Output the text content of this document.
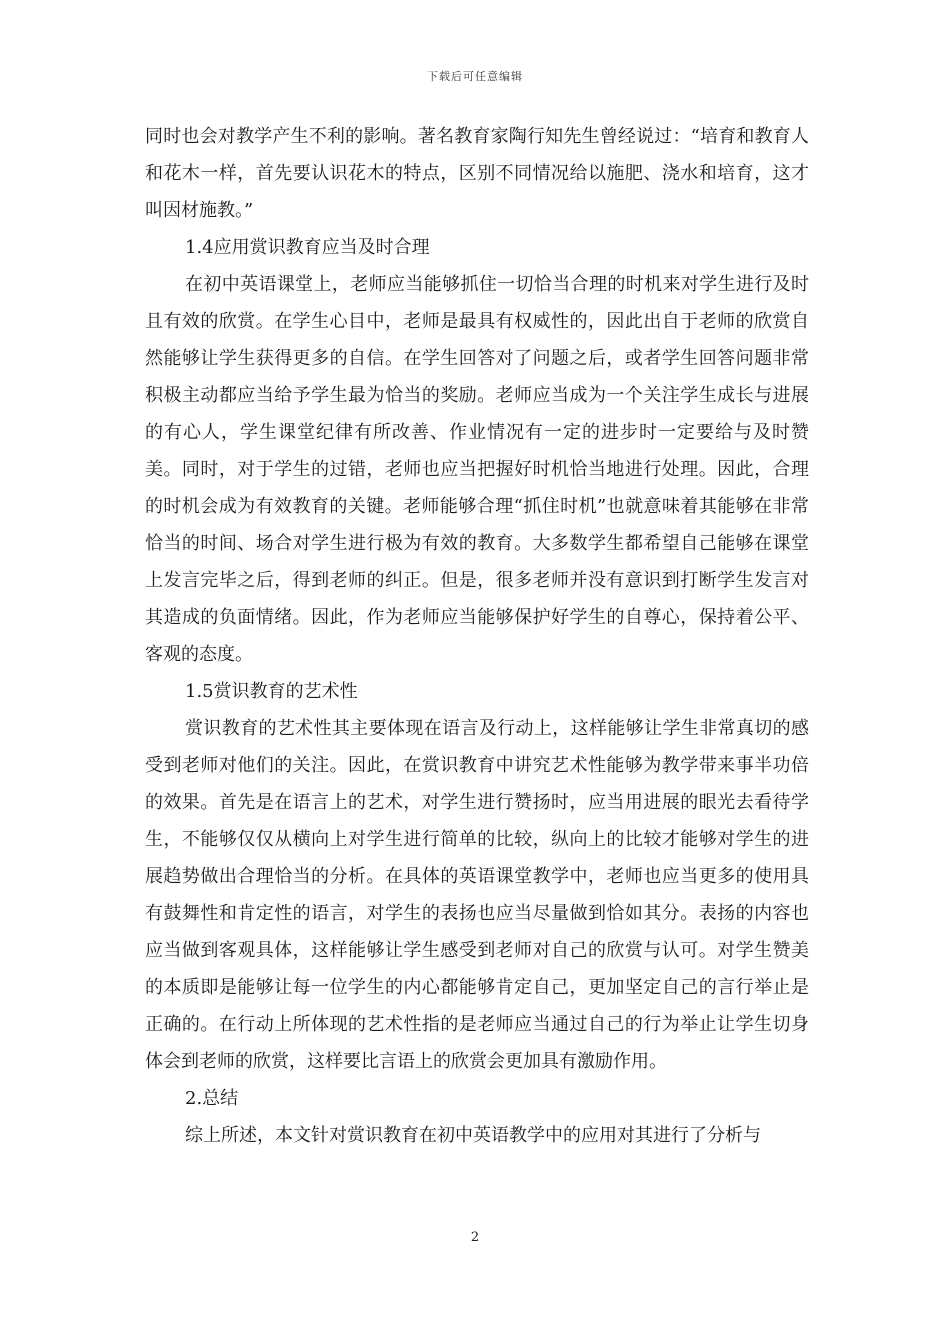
下载后可任意编辑

同时也会对教学产生不利的影响。著名教育家陶行知先生曾经说过：“培育和教育人和花木一样，首先要认识花木的特点，区别不同情况给以施肥、浇水和培育，这才叫因材施教。”

1.4应用赏识教育应当及时合理

在初中英语课堂上，老师应当能够抓住一切恰当合理的时机来对学生进行及时且有效的欣赏。在学生心目中，老师是最具有权威性的，因此出自于老师的欣赏自然能够让学生获得更多的自信。在学生回答对了问题之后，或者学生回答问题非常积极主动都应当给予学生最为恰当的奖励。老师应当成为一个关注学生成长与进展的有心人，学生课堂纪律有所改善、作业情况有一定的进步时一定要给与及时赞美。同时，对于学生的过错，老师也应当把握好时机恰当地进行处理。因此，合理的时机会成为有效教育的关键。老师能够合理“抓住时机”也就意味着其能够在非常恰当的时间、场合对学生进行极为有效的教育。大多数学生都希望自己能够在课堂上发言完毕之后，得到老师的纠正。但是，很多老师并没有意识到打断学生发言对其造成的负面情绪。因此，作为老师应当能够保护好学生的自尊心，保持着公平、客观的态度。

1.5赏识教育的艺术性

赏识教育的艺术性其主要体现在语言及行动上，这样能够让学生非常真切的感受到老师对他们的关注。因此，在赏识教育中讲究艺术性能够为教学带来事半功倍的效果。首先是在语言上的艺术，对学生进行赞扬时，应当用进展的眼光去看待学生，不能够仅仅从横向上对学生进行简单的比较，纵向上的比较才能够对学生的进展趋势做出合理恰当的分析。在具体的英语课堂教学中，老师也应当更多的使用具有鼓舞性和肯定性的语言，对学生的表扬也应当尽量做到恰如其分。表扬的内容也应当做到客观具体，这样能够让学生感受到老师对自己的欣赏与认可。对学生赞美的本质即是能够让每一位学生的内心都能够肯定自己，更加坚定自己的言行举止是正确的。在行动上所体现的艺术性指的是老师应当通过自己的行为举止让学生切身体会到老师的欣赏，这样要比言语上的欣赏会更加具有激励作用。

2.总结

综上所述，本文针对赏识教育在初中英语教学中的应用对其进行了分析与

2
